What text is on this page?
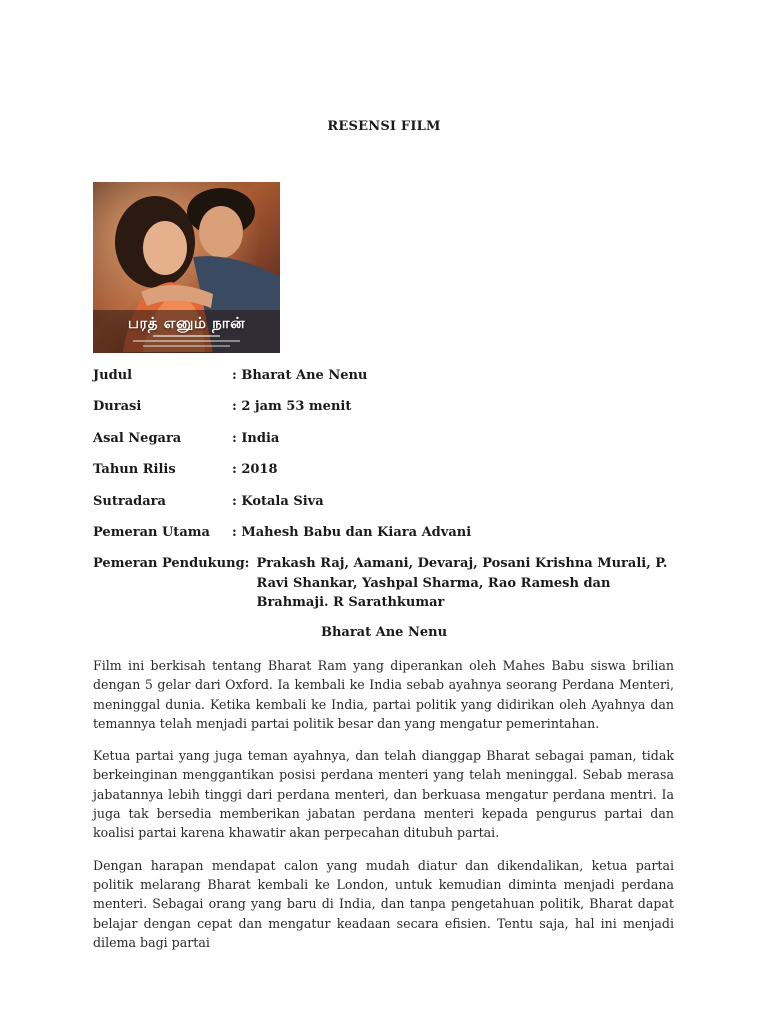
RESENSI FILM
பரத் எனும் நான்
Judul	: Bharat Ane Nenu
Durasi	: 2 jam 53 menit
Asal Negara	: India
Tahun Rilis	: 2018
Sutradara	: Kotala Siva
Pemeran Utama	: Mahesh Babu dan Kiara Advani
Pemeran Pendukung: Prakash Raj, Aamani, Devaraj, Posani Krishna Murali, P. Ravi Shankar, Yashpal Sharma, Rao Ramesh dan Brahmaji. R Sarathkumar
Bharat Ane Nenu

Film ini berkisah tentang Bharat Ram yang diperankan oleh Mahes Babu siswa brilian dengan 5 gelar dari Oxford. Ia kembali ke India sebab ayahnya seorang Perdana Menteri, meninggal dunia. Ketika kembali ke India, partai politik yang didirikan oleh Ayahnya dan temannya telah menjadi partai politik besar dan yang mengatur pemerintahan.

Ketua partai yang juga teman ayahnya, dan telah dianggap Bharat sebagai paman, tidak berkeinginan menggantikan posisi perdana menteri yang telah meninggal. Sebab merasa jabatannya lebih tinggi dari perdana menteri, dan berkuasa mengatur perdana mentri. Ia juga tak bersedia memberikan jabatan perdana menteri kepada pengurus partai dan koalisi partai karena khawatir akan perpecahan ditubuh partai.

Dengan harapan mendapat calon yang mudah diatur dan dikendalikan, ketua partai politik melarang Bharat kembali ke London, untuk kemudian diminta menjadi perdana menteri. Sebagai orang yang baru di India, dan tanpa pengetahuan politik, Bharat dapat belajar dengan cepat dan mengatur keadaan secara efisien. Tentu saja, hal ini menjadi dilema bagi partai
